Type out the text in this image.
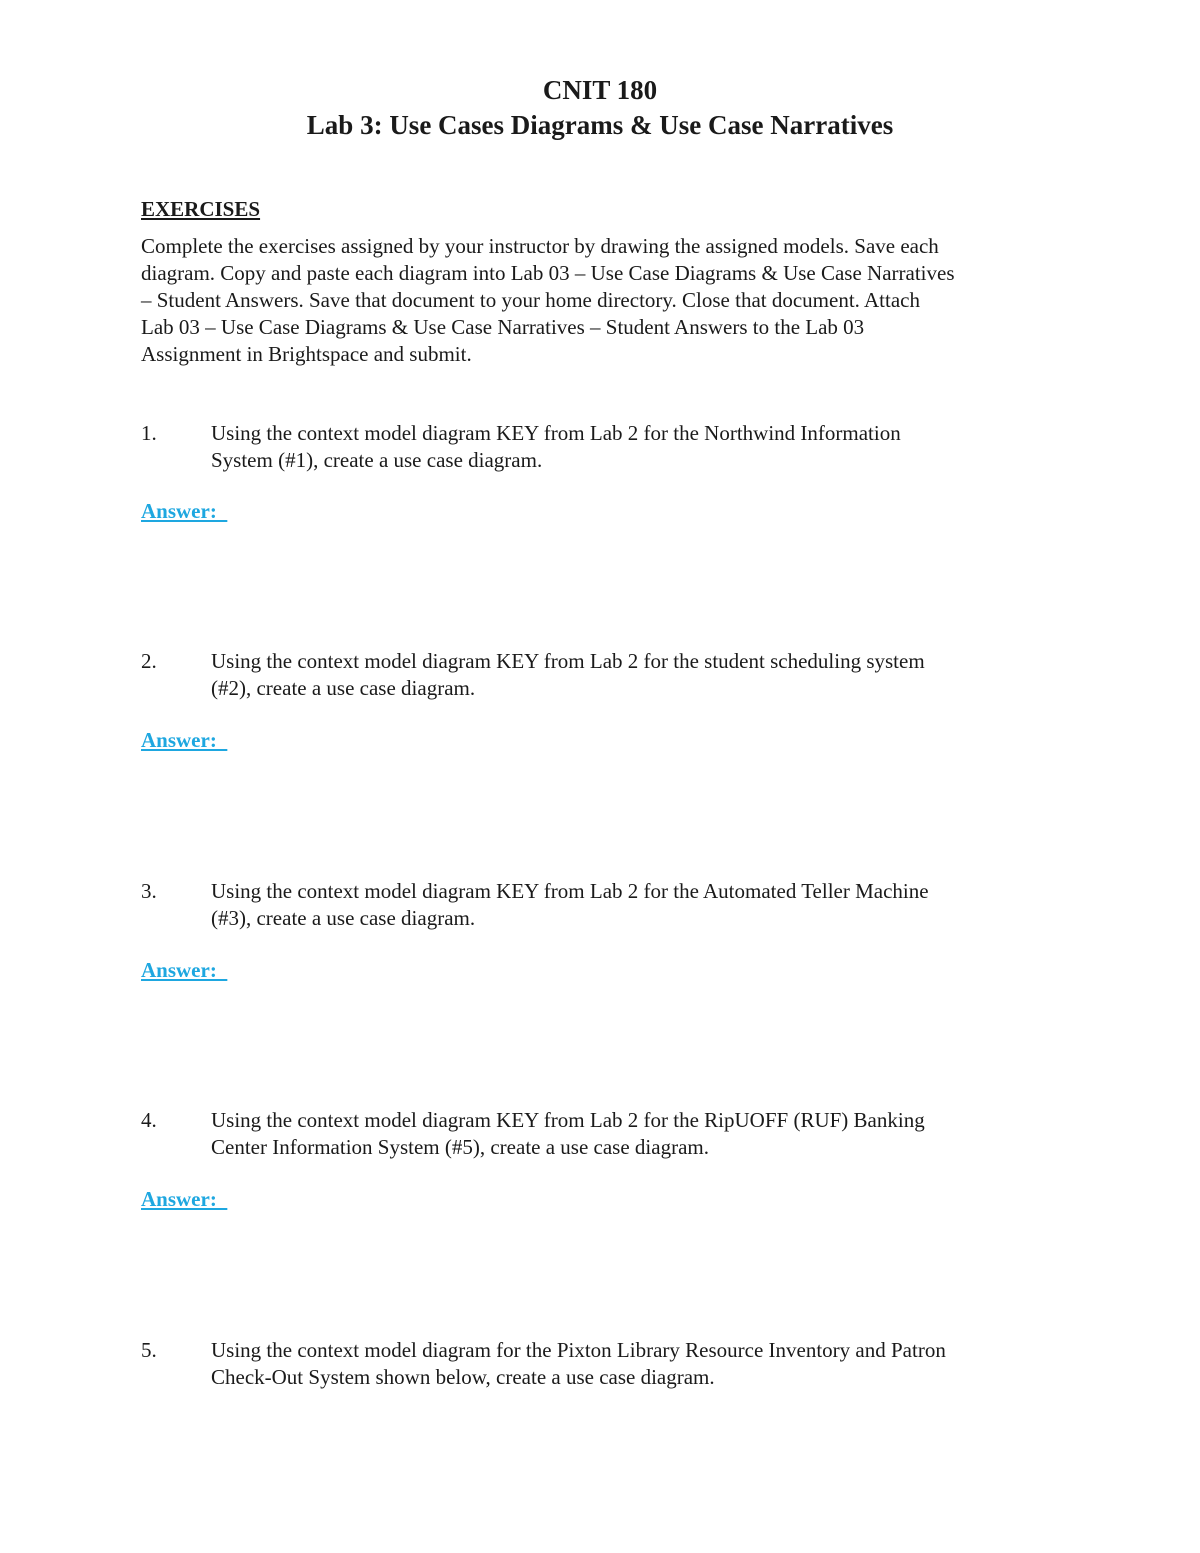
CNIT 180
Lab 3: Use Cases Diagrams & Use Case Narratives
EXERCISES
Complete the exercises assigned by your instructor by drawing the assigned models. Save each
diagram. Copy and paste each diagram into Lab 03 – Use Case Diagrams & Use Case Narratives
– Student Answers. Save that document to your home directory. Close that document. Attach
Lab 03 – Use Case Diagrams & Use Case Narratives – Student Answers to the Lab 03
Assignment in Brightspace and submit.
1.	Using the context model diagram KEY from Lab 2 for the Northwind Information
System (#1), create a use case diagram.
Answer:
2.	Using the context model diagram KEY from Lab 2 for the student scheduling system
(#2), create a use case diagram.
Answer:
3.	Using the context model diagram KEY from Lab 2 for the Automated Teller Machine
(#3), create a use case diagram.
Answer:
4.	Using the context model diagram KEY from Lab 2 for the RipUOFF (RUF) Banking
Center Information System (#5), create a use case diagram.
Answer:
5.	Using the context model diagram for the Pixton Library Resource Inventory and Patron
Check-Out System shown below, create a use case diagram.
